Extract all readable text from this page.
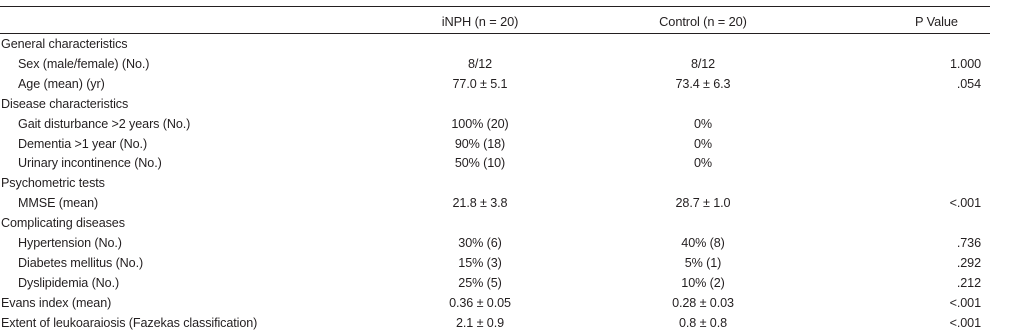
iNPH (n = 20)	Control (n = 20)	P Value
General characteristics
Sex (male/female) (No.)	8/12	8/12	1.000
Age (mean) (yr)	77.0 ± 5.1	73.4 ± 6.3	.054
Disease characteristics
Gait disturbance >2 years (No.)	100% (20)	0%
Dementia >1 year (No.)	90% (18)	0%
Urinary incontinence (No.)	50% (10)	0%
Psychometric tests
MMSE (mean)	21.8 ± 3.8	28.7 ± 1.0	<.001
Complicating diseases
Hypertension (No.)	30% (6)	40% (8)	.736
Diabetes mellitus (No.)	15% (3)	5% (1)	.292
Dyslipidemia (No.)	25% (5)	10% (2)	.212
Evans index (mean)	0.36 ± 0.05	0.28 ± 0.03	<.001
Extent of leukoaraiosis (Fazekas classification)	2.1 ± 0.9	0.8 ± 0.8	<.001
